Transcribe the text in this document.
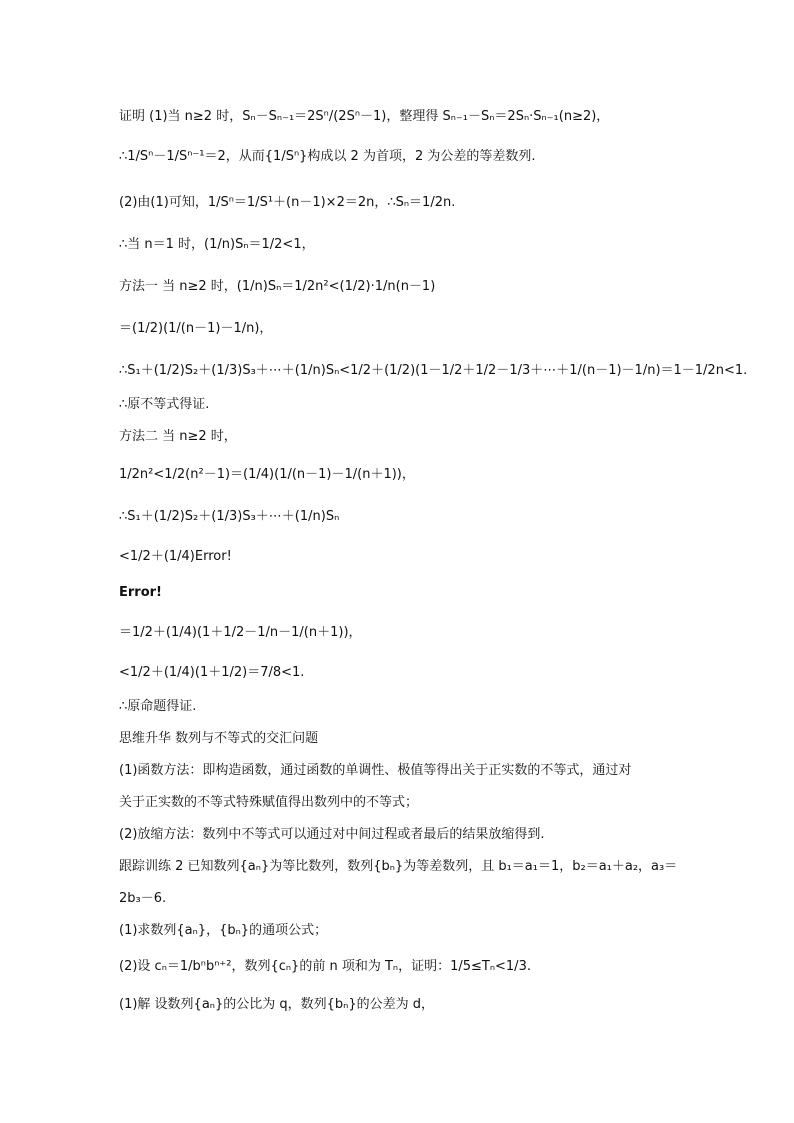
证明 (1)当 n≥2 时，Sₙ－Sₙ₋₁＝2Sⁿ/(2Sⁿ－1)，整理得 Sₙ₋₁－Sₙ＝2Sₙ·Sₙ₋₁(n≥2)，
∴1/Sⁿ－1/Sⁿ⁻¹＝2，从而{1/Sⁿ}构成以 2 为首项，2 为公差的等差数列.
(2)由(1)可知，1/Sⁿ＝1/S¹＋(n－1)×2＝2n，∴Sₙ＝1/2n.
∴当 n＝1 时，(1/n)Sₙ＝1/2<1，
方法一 当 n≥2 时，(1/n)Sₙ＝1/2n²<(1/2)·1/n(n－1)
＝(1/2)(1/(n－1)－1/n)，
∴S₁＋(1/2)S₂＋(1/3)S₃＋⋯＋(1/n)Sₙ<1/2＋(1/2)(1－1/2＋1/2－1/3＋⋯＋1/(n－1)－1/n)＝1－1/2n<1.
∴原不等式得证.
方法二 当 n≥2 时，
1/2n²<1/2(n²－1)＝(1/4)(1/(n－1)－1/(n＋1))，
∴S₁＋(1/2)S₂＋(1/3)S₃＋⋯＋(1/n)Sₙ
<1/2＋(1/4)Error!
Error!
＝1/2＋(1/4)(1＋1/2－1/n－1/(n＋1))，
<1/2＋(1/4)(1＋1/2)＝7/8<1.
∴原命题得证.
思维升华 数列与不等式的交汇问题
(1)函数方法：即构造函数，通过函数的单调性、极值等得出关于正实数的不等式，通过对
关于正实数的不等式特殊赋值得出数列中的不等式；
(2)放缩方法：数列中不等式可以通过对中间过程或者最后的结果放缩得到.
跟踪训练 2 已知数列{aₙ}为等比数列，数列{bₙ}为等差数列，且 b₁＝a₁＝1，b₂＝a₁＋a₂，a₃＝
2b₃－6.
(1)求数列{aₙ}，{bₙ}的通项公式；
(2)设 cₙ＝1/bⁿbⁿ⁺²，数列{cₙ}的前 n 项和为 Tₙ，证明：1/5≤Tₙ<1/3.
(1)解 设数列{aₙ}的公比为 q，数列{bₙ}的公差为 d，
